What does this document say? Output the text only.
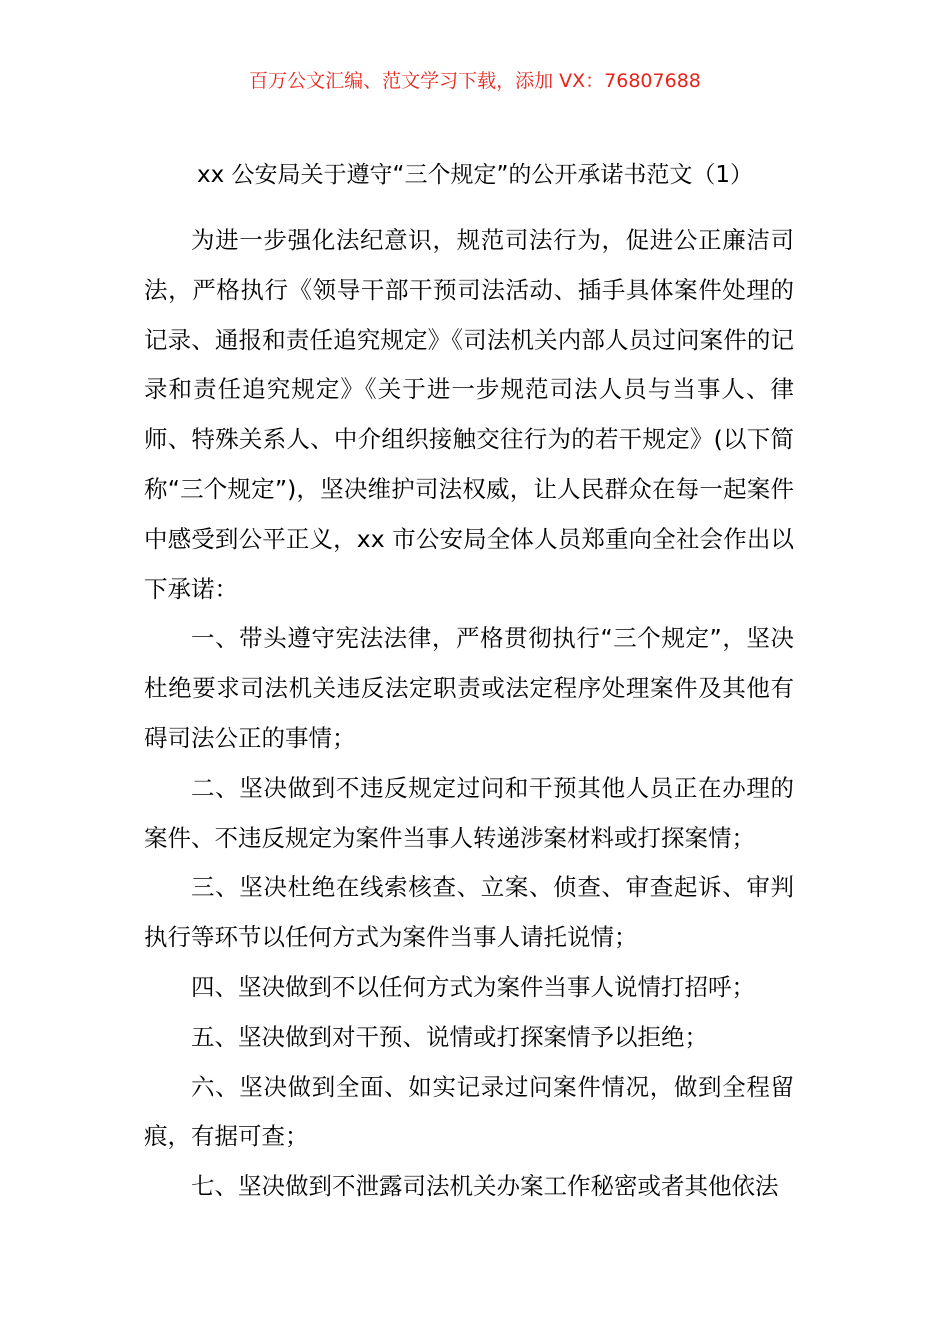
百万公文汇编、范文学习下载，添加 VX：76807688
xx 公安局关于遵守“三个规定”的公开承诺书范文（1）

为进一步强化法纪意识，规范司法行为，促进公正廉洁司法，严格执行《领导干部干预司法活动、插手具体案件处理的记录、通报和责任追究规定》《司法机关内部人员过问案件的记录和责任追究规定》《关于进一步规范司法人员与当事人、律师、特殊关系人、中介组织接触交往行为的若干规定》(以下简称“三个规定”)，坚决维护司法权威，让人民群众在每一起案件中感受到公平正义，xx 市公安局全体人员郑重向全社会作出以下承诺：

一、带头遵守宪法法律，严格贯彻执行“三个规定”，坚决杜绝要求司法机关违反法定职责或法定程序处理案件及其他有碍司法公正的事情；

二、坚决做到不违反规定过问和干预其他人员正在办理的案件、不违反规定为案件当事人转递涉案材料或打探案情；

三、坚决杜绝在线索核查、立案、侦查、审查起诉、审判执行等环节以任何方式为案件当事人请托说情；

四、坚决做到不以任何方式为案件当事人说情打招呼；

五、坚决做到对干预、说情或打探案情予以拒绝；

六、坚决做到全面、如实记录过问案件情况，做到全程留痕，有据可查；

七、坚决做到不泄露司法机关办案工作秘密或者其他依法
